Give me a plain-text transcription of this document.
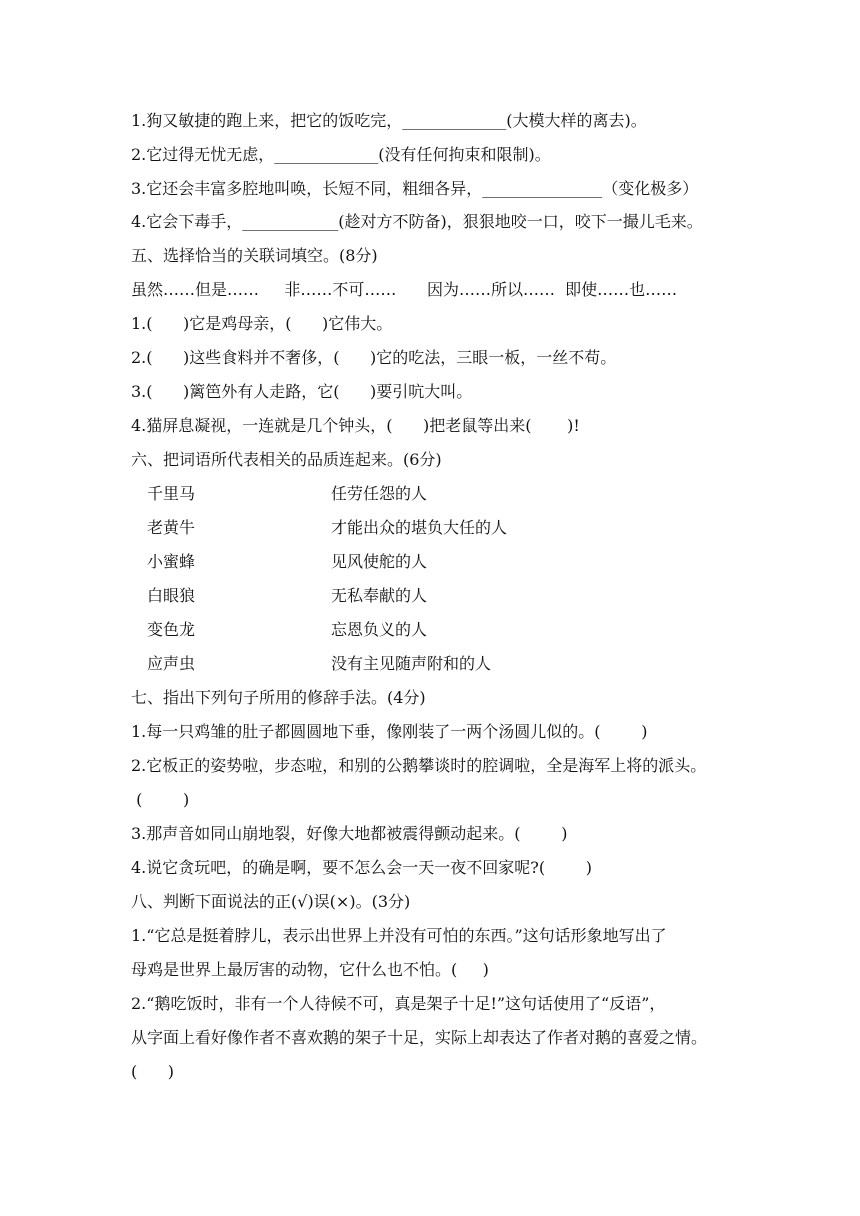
1.狗又敏捷的跑上来，把它的饭吃完，_____________(大模大样的离去)。
2.它过得无忧无虑，_____________(没有任何拘束和限制)。
3.它还会丰富多腔地叫唤，长短不同，粗细各异，_______________（变化极多）
4.它会下毒手，____________(趁对方不防备)，狠狠地咬一口，咬下一撮儿毛来。
五、选择恰当的关联词填空。(8分)
虽然……但是……     非……不可……      因为……所以……  即使……也……
1.(      )它是鸡母亲，(      )它伟大。
2.(      )这些食料并不奢侈，(      )它的吃法，三眼一板，一丝不苟。
3.(      )篱笆外有人走路，它(      )要引吭大叫。
4.猫屏息凝视，一连就是几个钟头，(      )把老鼠等出来(       )!
六、把词语所代表相关的品质连起来。(6分)
千里马	任劳任怨的人
老黄牛	才能出众的堪负大任的人
小蜜蜂	见风使舵的人
白眼狼	无私奉献的人
变色龙	忘恩负义的人
应声虫	没有主见随声附和的人
七、指出下列句子所用的修辞手法。(4分)
1.每一只鸡雏的肚子都圆圆地下垂，像刚装了一两个汤圆儿似的。(        )
2.它板正的姿势啦，步态啦，和别的公鹅攀谈时的腔调啦，全是海军上将的派头。
(        )
3.那声音如同山崩地裂，好像大地都被震得颤动起来。(        )
4.说它贪玩吧，的确是啊，要不怎么会一天一夜不回家呢?(        )
八、判断下面说法的正(√)误(×)。(3分)
1.“它总是挺着脖儿，表示出世界上并没有可怕的东西。”这句话形象地写出了
母鸡是世界上最厉害的动物，它什么也不怕。(     )
2.“鹅吃饭时，非有一个人待候不可，真是架子十足!”这句话使用了“反语”，
从字面上看好像作者不喜欢鹅的架子十足，实际上却表达了作者对鹅的喜爱之情。
(      )
